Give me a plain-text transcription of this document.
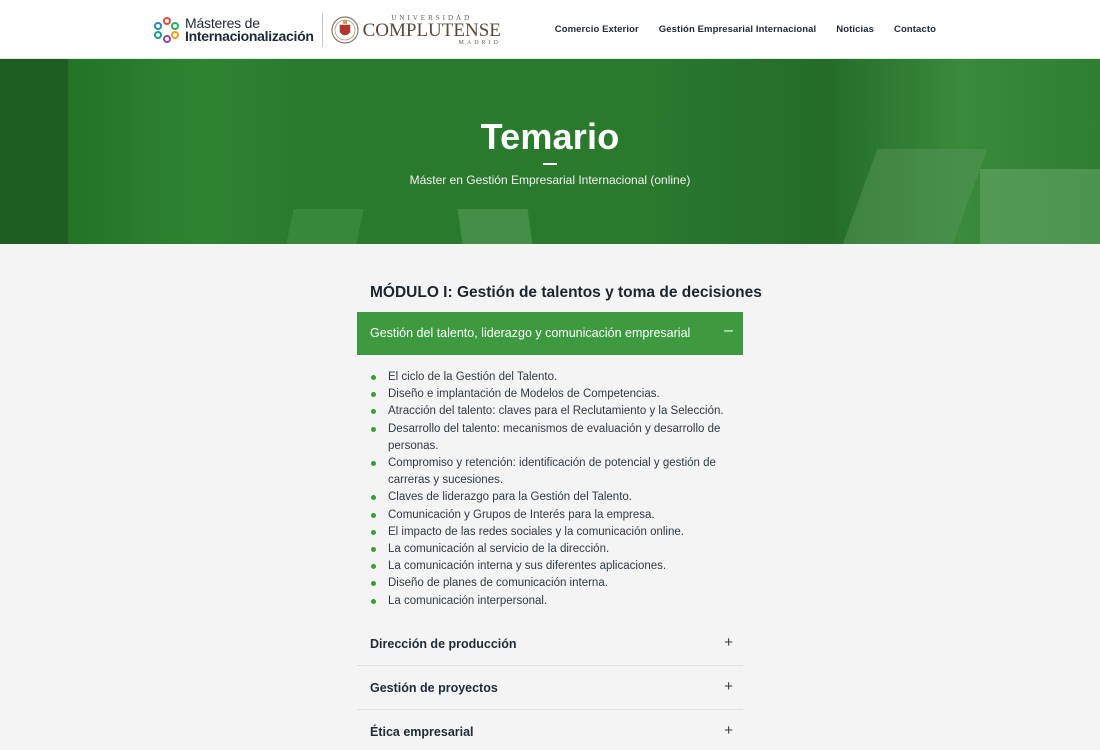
Másteres de
Internacionalización
UNIVERSIDAD
COMPLUTENSE
MADRID
Comercio Exterior Gestión Empresarial Internacional Noticias Contacto
Temario

Máster en Gestión Empresarial Internacional (online)

MÓDULO I: Gestión de talentos y toma de decisiones
Gestión del talento, liderazgo y comunicación empresarial –
El ciclo de la Gestión del Talento.
Diseño e implantación de Modelos de Competencias.
Atracción del talento: claves para el Reclutamiento y la Selección.
Desarrollo del talento: mecanismos de evaluación y desarrollo de personas.
Compromiso y retención: identificación de potencial y gestión de carreras y sucesiones.
Claves de liderazgo para la Gestión del Talento.
Comunicación y Grupos de Interés para la empresa.
El impacto de las redes sociales y la comunicación online.
La comunicación al servicio de la dirección.
La comunicación interna y sus diferentes aplicaciones.
Diseño de planes de comunicación interna.
La comunicación interpersonal.
Dirección de producción	+
Gestión de proyectos	+
Ética empresarial	+
